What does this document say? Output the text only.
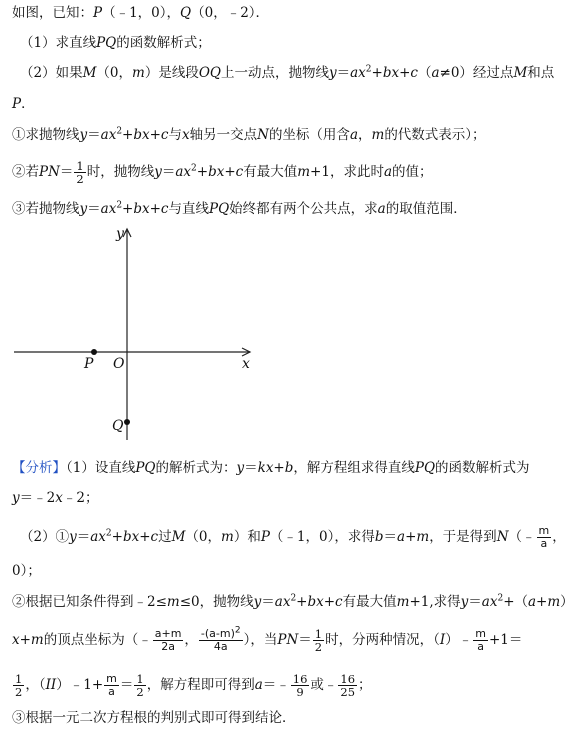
如图，已知：P（﹣1，0），Q（0，﹣2）．
（1）求直线PQ的函数解析式；
（2）如果M（0，m）是线段OQ上一动点，抛物线$y=ax^2+bx+c(a\ne 0)$经过点M和点
P．
①求抛物线$y=ax^2+bx+c$与x轴另一交点N的坐标（用含a，m的代数式表示）；
②若$PN= \frac{1}{2}$ 时，抛物线$y=ax^2+bx+c$有最大值m+1，求此时a的值；
③若抛物线$y=ax^2+bx+c$与直线PQ始终都有两个公共点，求a的取值范围．
y
x
O
P
Q
【分析】（1）设直线PQ的解析式为：y＝kx+b，解方程组求得直线PQ的函数解析式为
y＝﹣2x﹣2；
$(2)①y=ax^2+bx+c$过M（0，m）和P（﹣1，0），求得b＝a+m，于是得到N（﹣ $\frac{m}{a}$ ，
0）；
②根据已知条件得到﹣2≤m≤0，抛物线$y=ax^2+bx+c$有最大值m+1,求得$y=ax^2+(a+m)$
x+m的顶点坐标为（﹣ $\frac{a+m}{2a}$ ， $\frac{-(a-m)^2}{4a}$ ），当$PN= \frac{1}{2}$ 时，分两种情况，（I）﹣ $\frac{m}{a} +1=$
$\frac{1}{2}$ ，（II）﹣1+ $\frac{m}{a} = \frac{1}{2}$ ，解方程即可得到a＝﹣ $\frac{16}{9}$ 或﹣ $\frac{16}{25}$ ；
③根据一元二次方程根的判别式即可得到结论．
